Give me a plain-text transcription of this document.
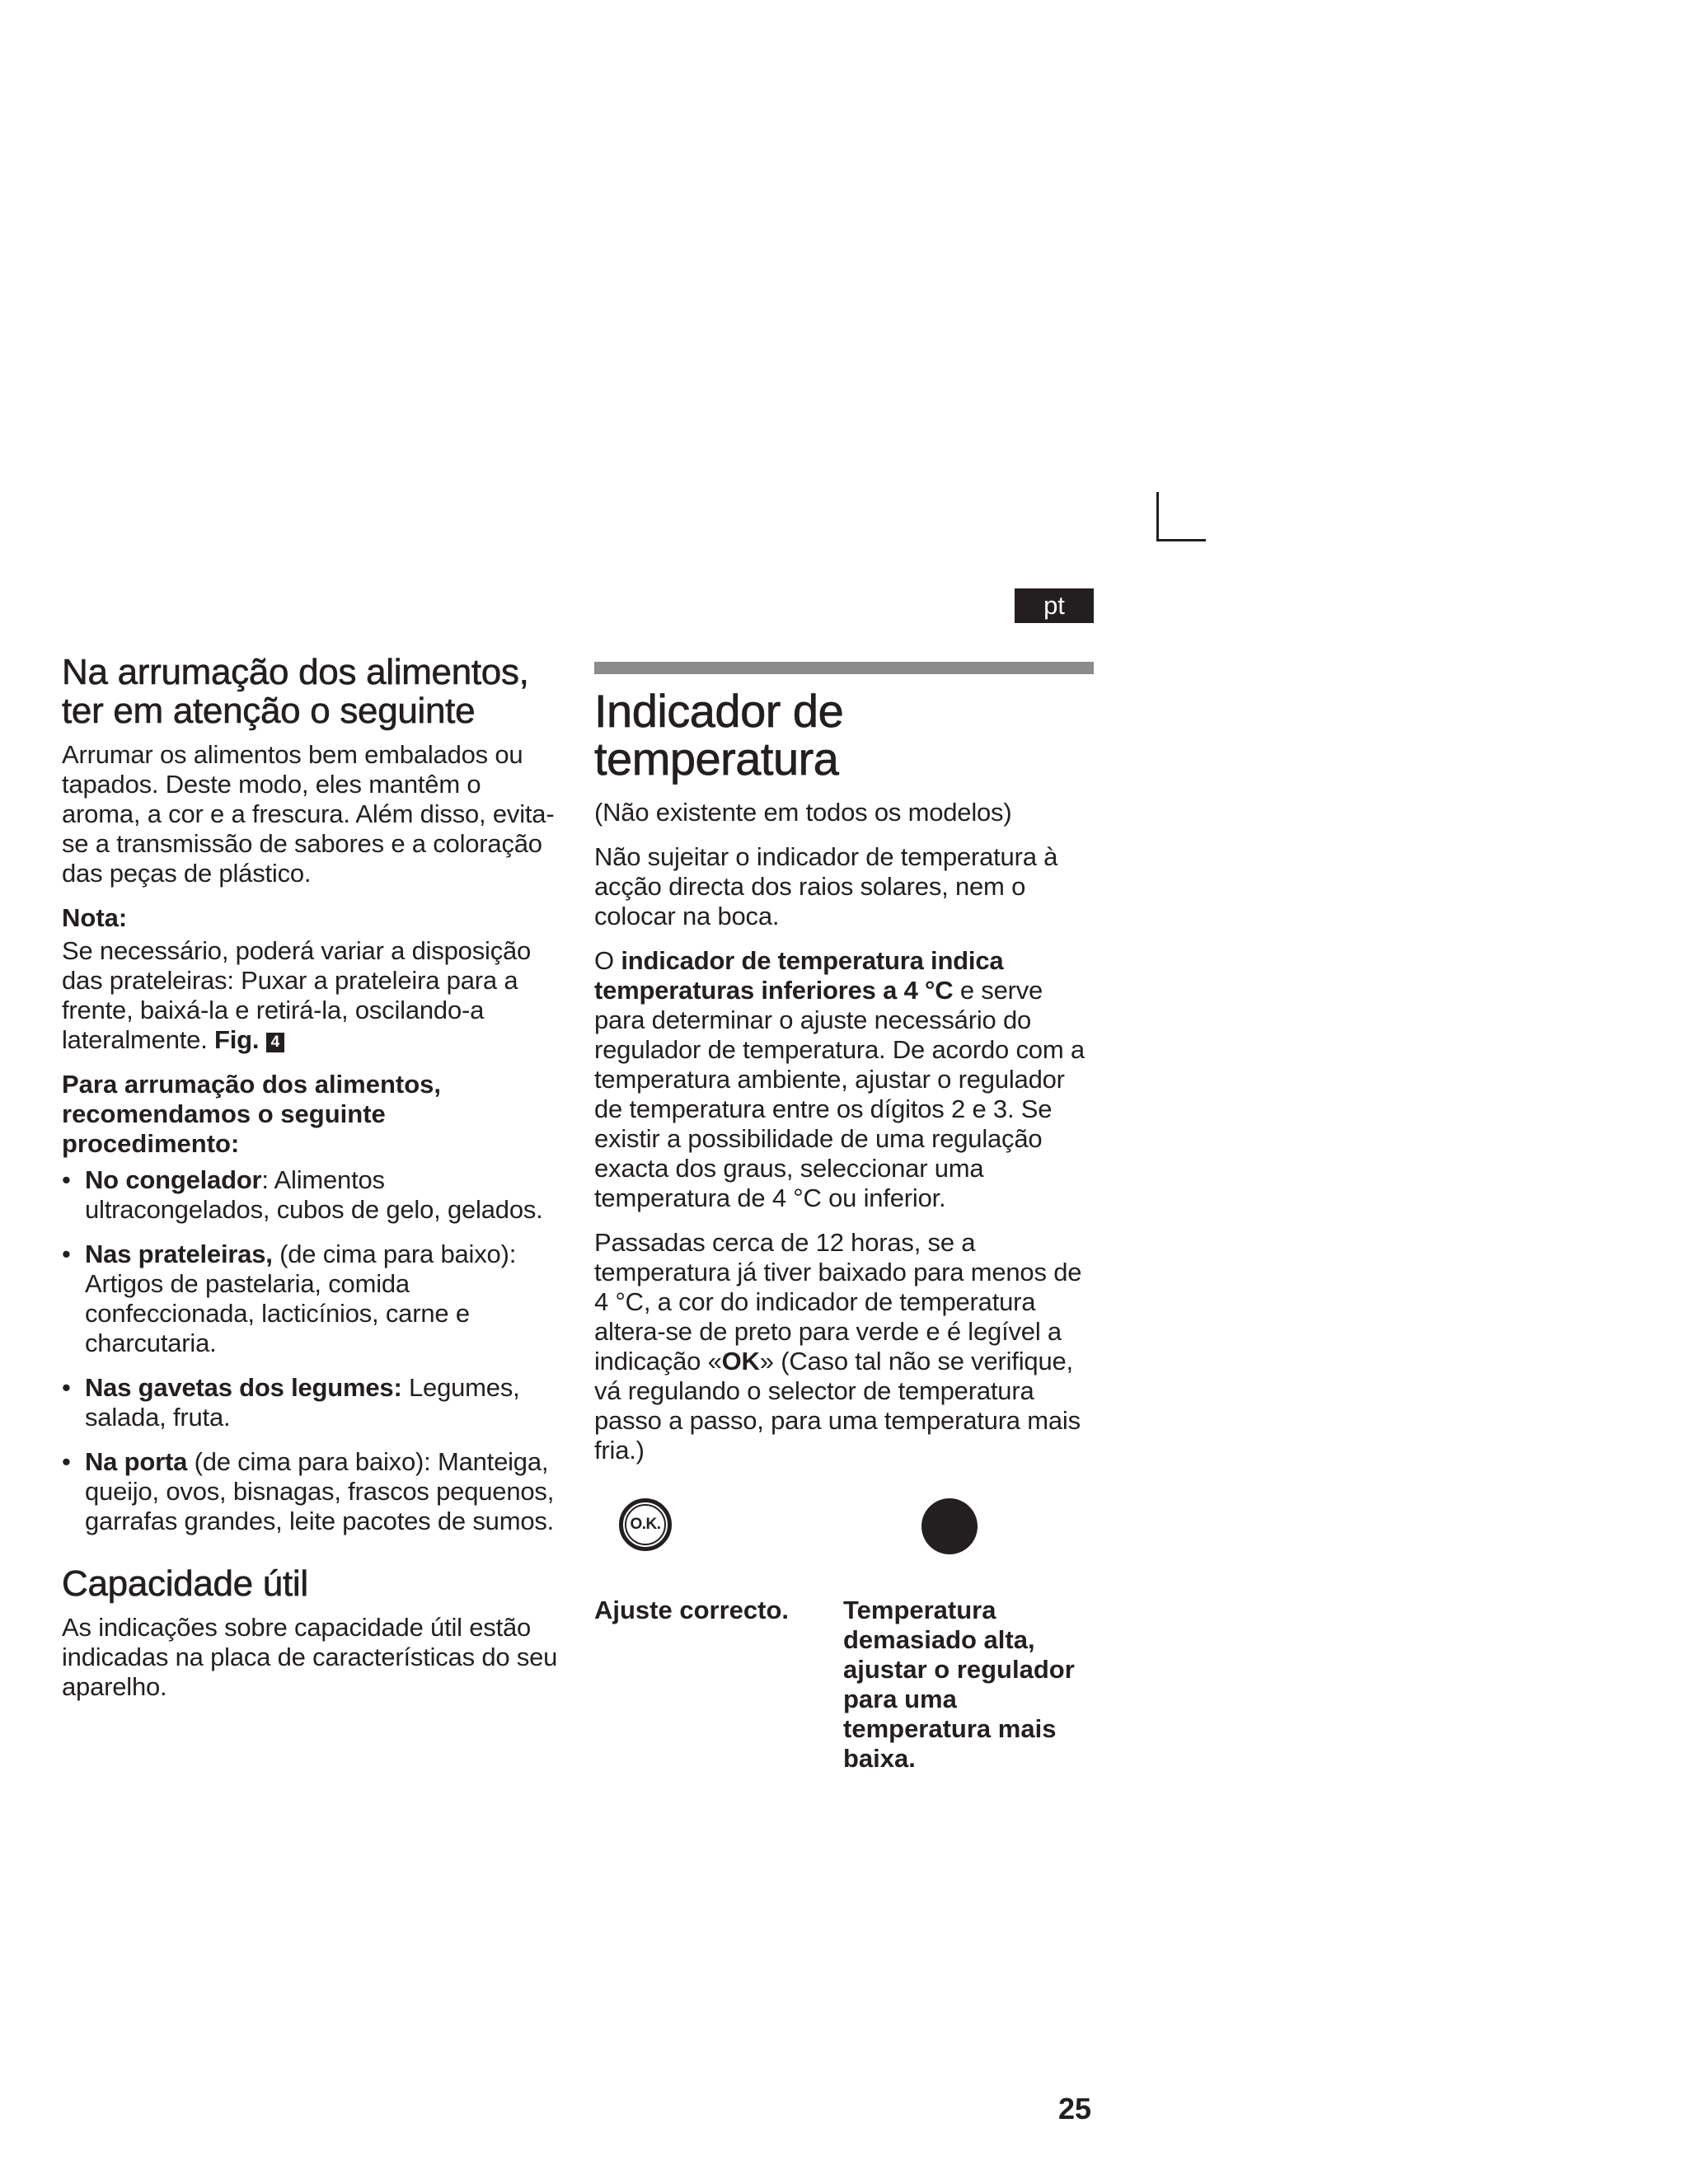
pt
Na arrumação dos alimentos, ter em atenção o seguinte

Arrumar os alimentos bem embalados ou tapados. Deste modo, eles mantêm o aroma, a cor e a frescura. Além disso, evita-se a transmissão de sabores e a coloração das peças de plástico.

Nota:

Se necessário, poderá variar a disposição das prateleiras: Puxar a prateleira para a frente, baixá-la e retirá-la, oscilando-a lateralmente. Fig. 4

Para arrumação dos alimentos, recomendamos o seguinte procedimento:
• No congelador: Alimentos ultracongelados, cubos de gelo, gelados.
• Nas prateleiras, (de cima para baixo): Artigos de pastelaria, comida confeccionada, lacticínios, carne e charcutaria.
• Nas gavetas dos legumes: Legumes, salada, fruta.
• Na porta (de cima para baixo): Manteiga, queijo, ovos, bisnagas, frascos pequenos, garrafas grandes, leite pacotes de sumos.
Capacidade útil

As indicações sobre capacidade útil estão indicadas na placa de características do seu aparelho.

Indicador de temperatura

(Não existente em todos os modelos)

Não sujeitar o indicador de temperatura à acção directa dos raios solares, nem o colocar na boca.

O indicador de temperatura indica temperaturas inferiores a 4 °C e serve para determinar o ajuste necessário do regulador de temperatura. De acordo com a temperatura ambiente, ajustar o regulador de temperatura entre os dígitos 2 e 3. Se existir a possibilidade de uma regulação exacta dos graus, seleccionar uma temperatura de 4 °C ou inferior.

Passadas cerca de 12 horas, se a temperatura já tiver baixado para menos de 4 °C, a cor do indicador de temperatura altera-se de preto para verde e é legível a indicação «OK» (Caso tal não se verifique, vá regulando o selector de temperatura passo a passo, para uma temperatura mais fria.)

O.K.
Ajuste correcto.	Temperatura demasiado alta, ajustar o regulador para uma temperatura mais baixa.
25
